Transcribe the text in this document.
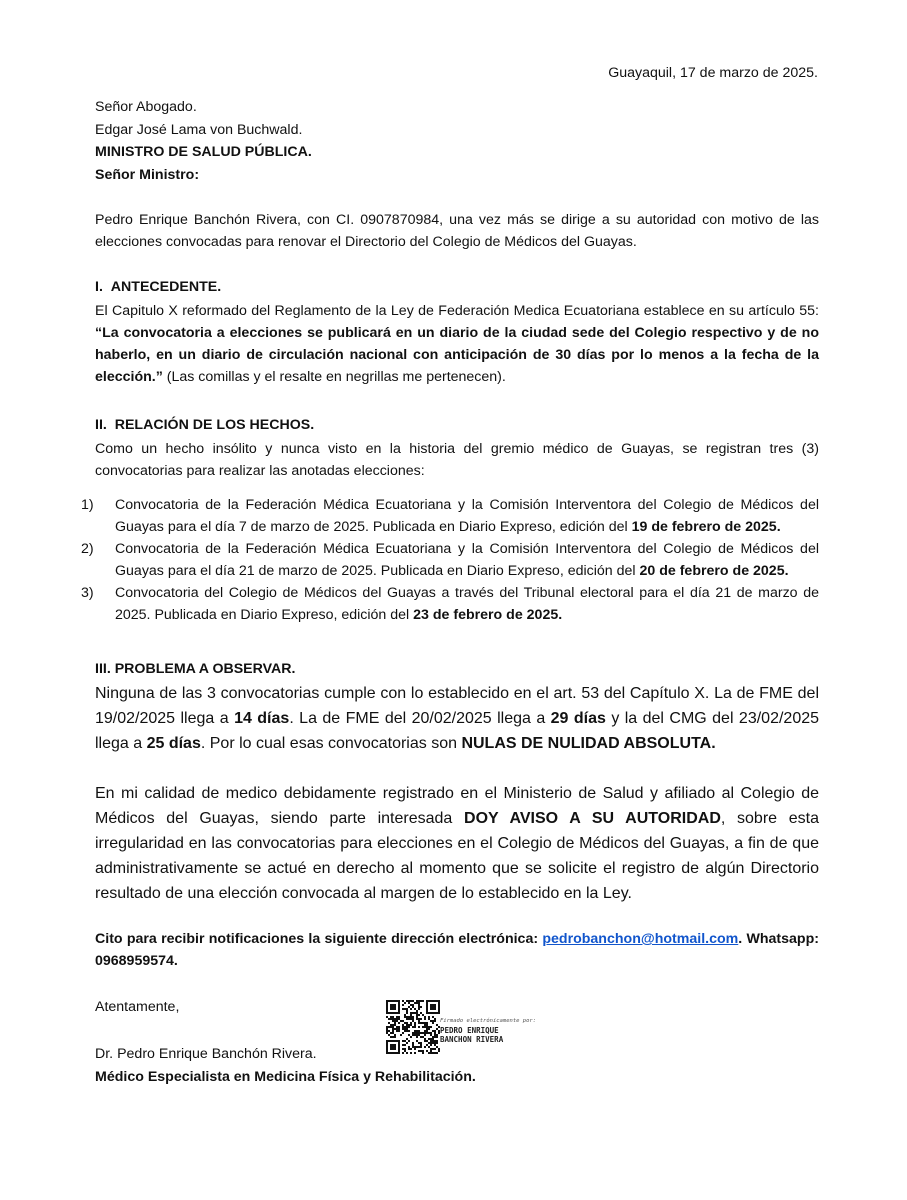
Guayaquil, 17 de marzo de 2025.
Señor Abogado.
Edgar José Lama von Buchwald.
MINISTRO DE SALUD PÚBLICA.
Señor Ministro:
Pedro Enrique Banchón Rivera, con CI. 0907870984, una vez más se dirige a su autoridad con motivo de las elecciones convocadas para renovar el Directorio del Colegio de Médicos del Guayas.
I. ANTECEDENTE.
El Capitulo X reformado del Reglamento de la Ley de Federación Medica Ecuatoriana establece en su artículo 55: “La convocatoria a elecciones se publicará en un diario de la ciudad sede del Colegio respectivo y de no haberlo, en un diario de circulación nacional con anticipación de 30 días por lo menos a la fecha de la elección.” (Las comillas y el resalte en negrillas me pertenecen).
II. RELACIÓN DE LOS HECHOS.
Como un hecho insólito y nunca visto en la historia del gremio médico de Guayas, se registran tres (3) convocatorias para realizar las anotadas elecciones:
1) Convocatoria de la Federación Médica Ecuatoriana y la Comisión Interventora del Colegio de Médicos del Guayas para el día 7 de marzo de 2025. Publicada en Diario Expreso, edición del 19 de febrero de 2025.
2) Convocatoria de la Federación Médica Ecuatoriana y la Comisión Interventora del Colegio de Médicos del Guayas para el día 21 de marzo de 2025. Publicada en Diario Expreso, edición del 20 de febrero de 2025.
3) Convocatoria del Colegio de Médicos del Guayas a través del Tribunal electoral para el día 21 de marzo de 2025. Publicada en Diario Expreso, edición del 23 de febrero de 2025.
III. PROBLEMA A OBSERVAR.
Ninguna de las 3 convocatorias cumple con lo establecido en el art. 53 del Capítulo X. La de FME del 19/02/2025 llega a 14 días. La de FME del 20/02/2025 llega a 29 días y la del CMG del 23/02/2025 llega a 25 días. Por lo cual esas convocatorias son NULAS DE NULIDAD ABSOLUTA.
En mi calidad de medico debidamente registrado en el Ministerio de Salud y afiliado al Colegio de Médicos del Guayas, siendo parte interesada DOY AVISO A SU AUTORIDAD, sobre esta irregularidad en las convocatorias para elecciones en el Colegio de Médicos del Guayas, a fin de que administrativamente se actué en derecho al momento que se solicite el registro de algún Directorio resultado de una elección convocada al margen de lo establecido en la Ley.
Cito para recibir notificaciones la siguiente dirección electrónica: pedrobanchon@hotmail.com. Whatsapp: 0968959574.
Atentamente,
Firmado electrónicamente por:
PEDRO ENRIQUE
BANCHON RIVERA
Dr. Pedro Enrique Banchón Rivera.
Médico Especialista en Medicina Física y Rehabilitación.
